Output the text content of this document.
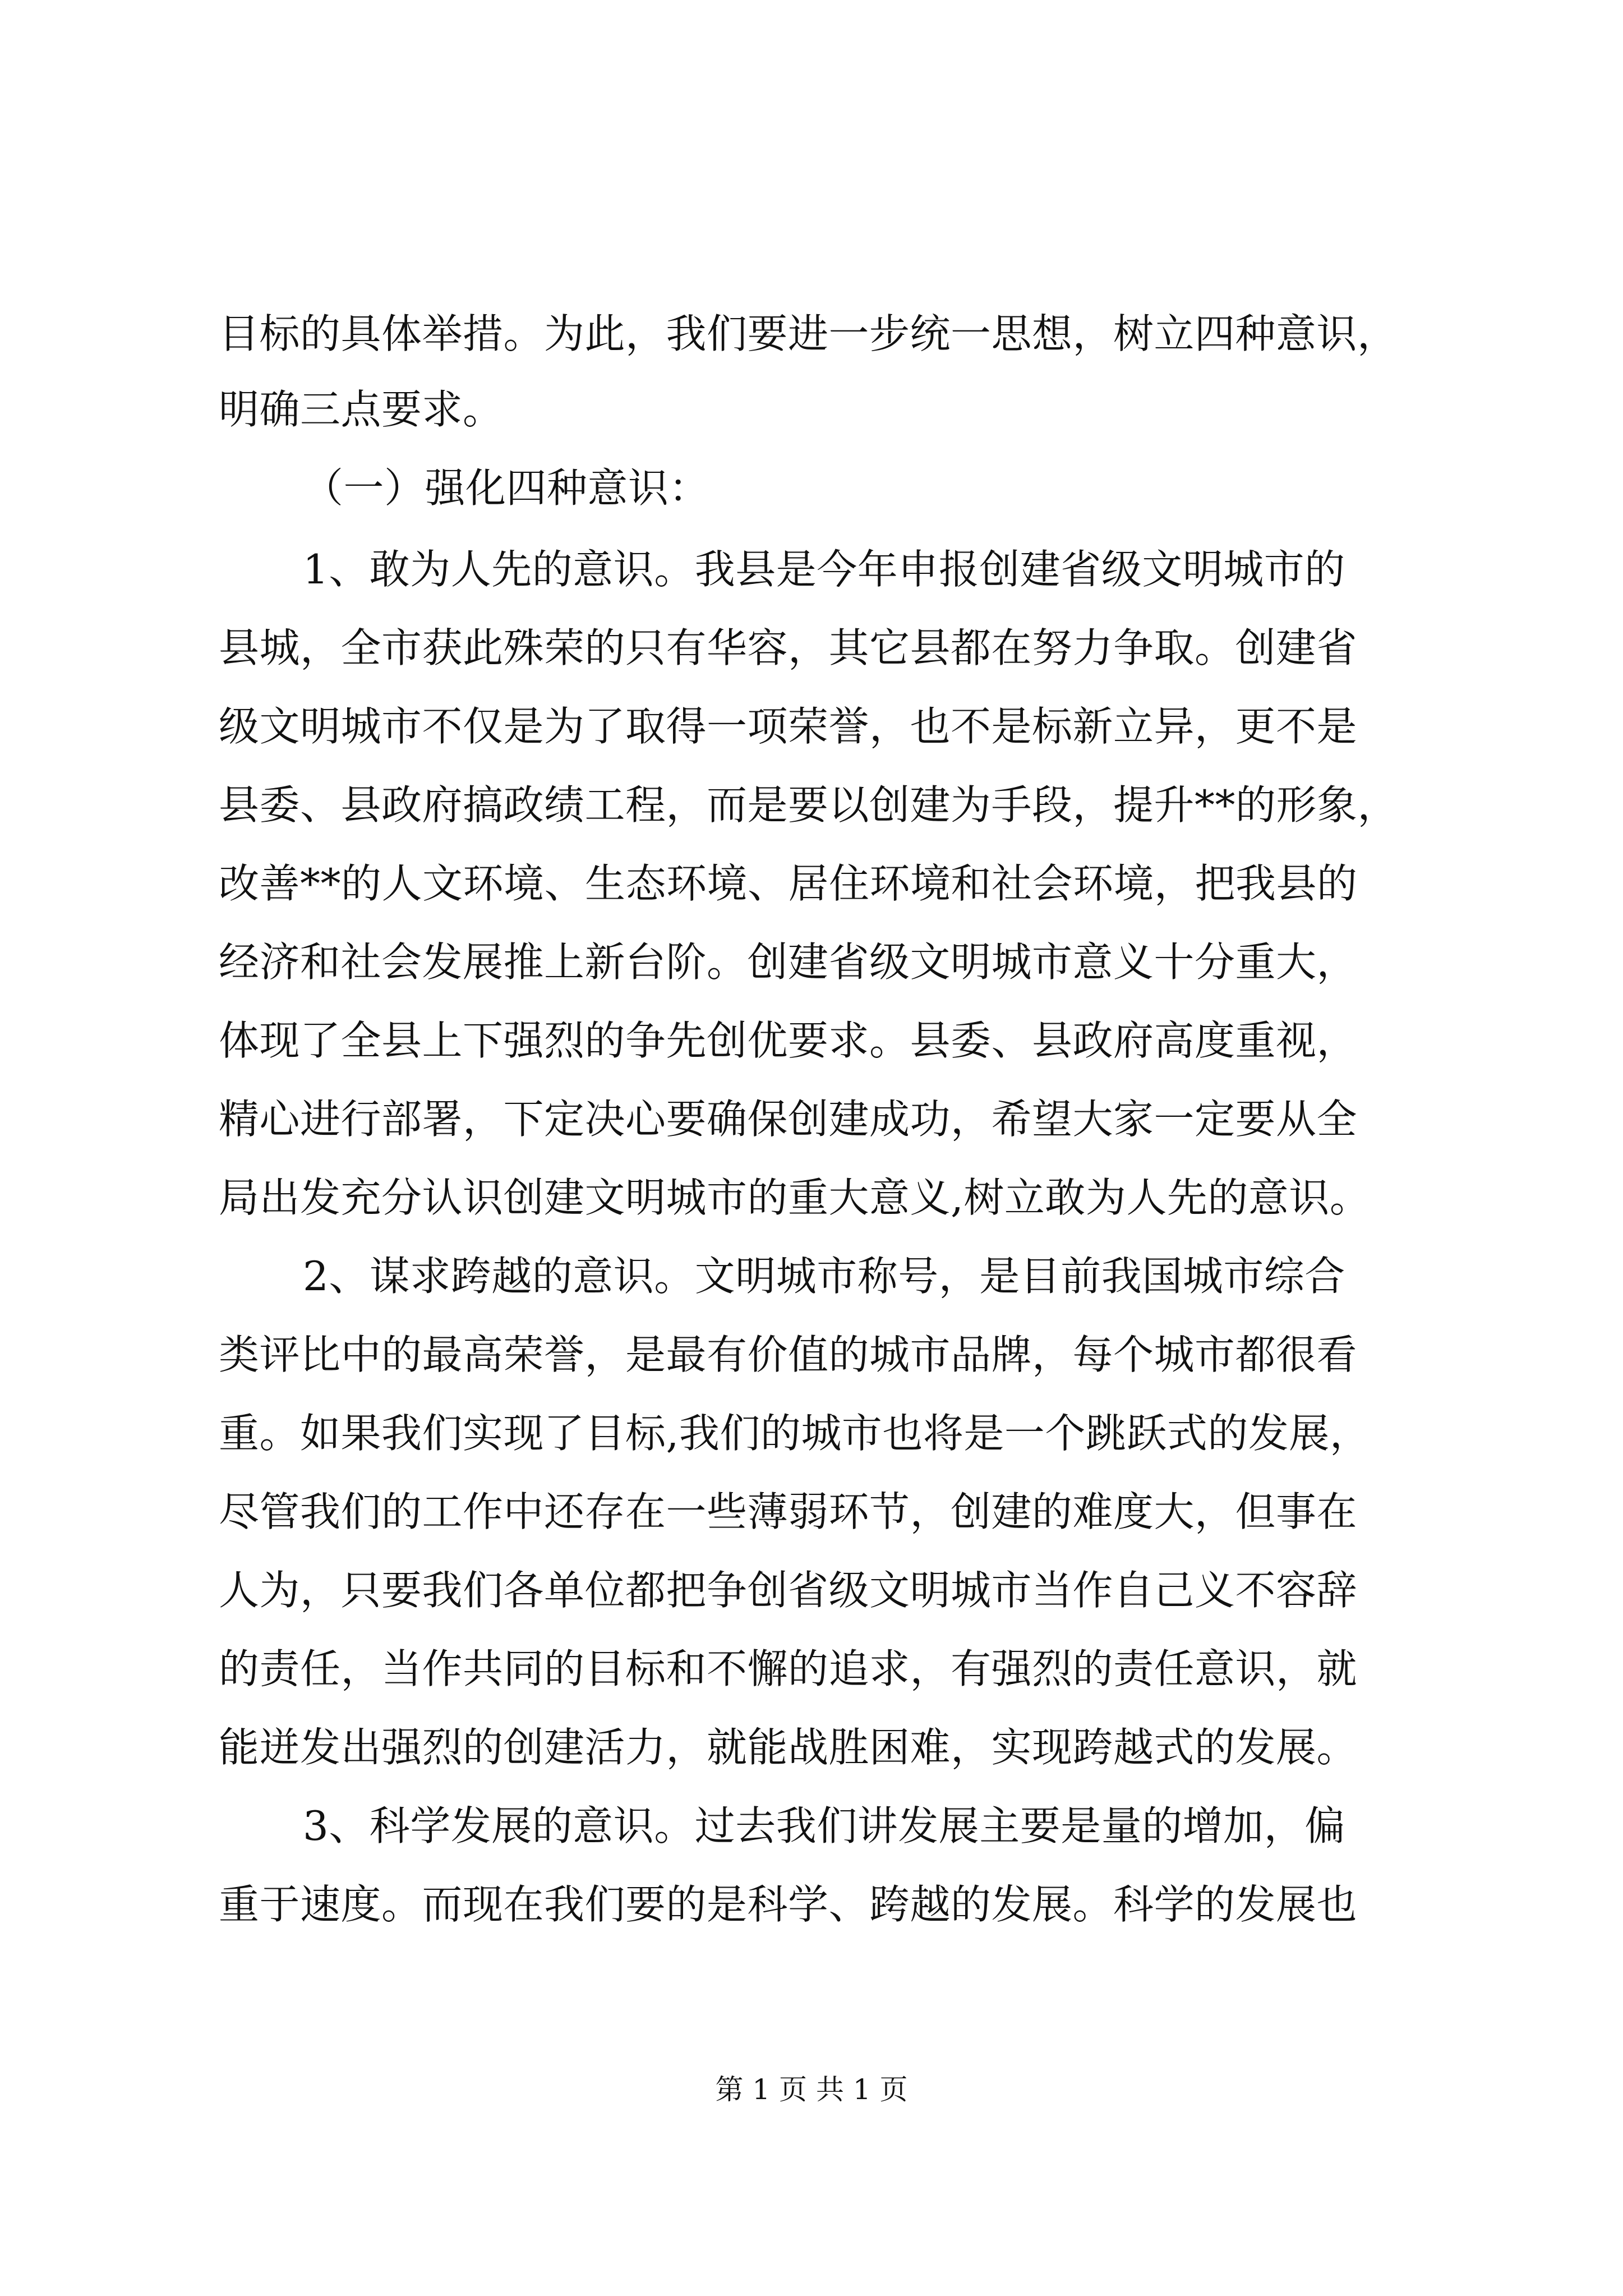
目标的具体举措。为此，我们要进一步统一思想，树立四种意识，
明确三点要求。
（一）强化四种意识：
1、敢为人先的意识。我县是今年申报创建省级文明城市的
县城，全市获此殊荣的只有华容，其它县都在努力争取。创建省
级文明城市不仅是为了取得一项荣誉，也不是标新立异，更不是
县委、县政府搞政绩工程，而是要以创建为手段，提升**的形象，
改善**的人文环境、生态环境、居住环境和社会环境，把我县的
经济和社会发展推上新台阶。创建省级文明城市意义十分重大，
体现了全县上下强烈的争先创优要求。县委、县政府高度重视，
精心进行部署，下定决心要确保创建成功，希望大家一定要从全
局出发充分认识创建文明城市的重大意义,树立敢为人先的意识。
2、谋求跨越的意识。文明城市称号，是目前我国城市综合
类评比中的最高荣誉，是最有价值的城市品牌，每个城市都很看
重。如果我们实现了目标,我们的城市也将是一个跳跃式的发展，
尽管我们的工作中还存在一些薄弱环节，创建的难度大，但事在
人为，只要我们各单位都把争创省级文明城市当作自己义不容辞
的责任，当作共同的目标和不懈的追求，有强烈的责任意识，就
能迸发出强烈的创建活力，就能战胜困难，实现跨越式的发展。
3、科学发展的意识。过去我们讲发展主要是量的增加，偏
重于速度。而现在我们要的是科学、跨越的发展。科学的发展也
第 1 页 共 1 页
